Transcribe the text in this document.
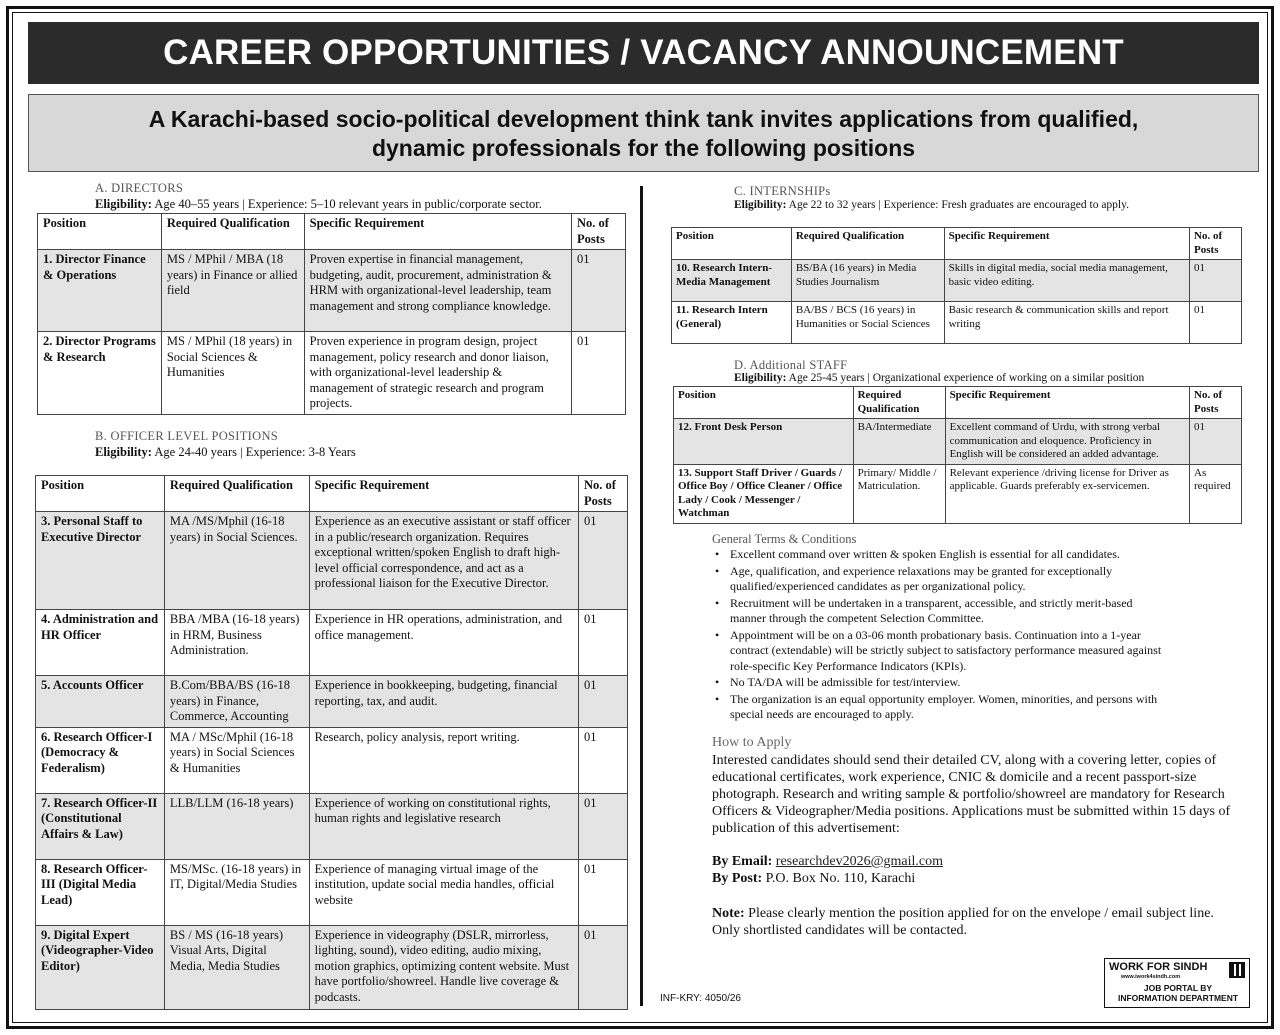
CAREER OPPORTUNITIES / VACANCY ANNOUNCEMENT
A Karachi-based socio-political development think tank invites applications from qualified,
dynamic professionals for the following positions
A. DIRECTORS
Eligibility: Age 40–55 years | Experience: 5–10 relevant years in public/corporate sector.
Position	Required Qualification	Specific Requirement	No. of
Posts
1. Director Finance & Operations	MS / MPhil / MBA (18 years) in Finance or allied field	Proven expertise in financial management, budgeting, audit, procurement, administration & HRM with organizational-level leadership, team management and strong compliance knowledge.	01
2. Director Programs & Research	MS / MPhil (18 years) in Social Sciences & Humanities	Proven experience in program design, project management, policy research and donor liaison, with organizational-level leadership & management of strategic research and program projects.	01
B. OFFICER LEVEL POSITIONS
Eligibility: Age 24-40 years | Experience: 3-8 Years
Position	Required Qualification	Specific Requirement	No. of
Posts
3. Personal Staff to Executive Director	MA /MS/Mphil (16-18 years) in Social Sciences.	Experience as an executive assistant or staff officer in a public/research organization. Requires exceptional written/spoken English to draft high-level official correspondence, and act as a professional liaison for the Executive Director.	01
4. Administration and HR Officer	BBA /MBA (16-18 years) in HRM, Business Administration.	Experience in HR operations, administration, and office management.	01
5. Accounts Officer	B.Com/BBA/BS (16-18 years) in Finance, Commerce, Accounting	Experience in bookkeeping, budgeting, financial reporting, tax, and audit.	01
6. Research Officer-I (Democracy & Federalism)	MA / MSc/Mphil (16-18 years) in Social Sciences & Humanities	Research, policy analysis, report writing.	01
7. Research Officer-II (Constitutional Affairs & Law)	LLB/LLM (16-18 years)	Experience of working on constitutional rights, human rights and legislative research	01
8. Research Officer-III (Digital Media Lead)	MS/MSc. (16-18 years) in IT, Digital/Media Studies	Experience of managing virtual image of the institution, update social media handles, official website	01
9. Digital Expert (Videographer-Video Editor)	BS / MS (16-18 years) Visual Arts, Digital Media, Media Studies	Experience in videography (DSLR, mirrorless, lighting, sound), video editing, audio mixing, motion graphics, optimizing content website. Must have portfolio/showreel. Handle live coverage & podcasts.	01
C. INTERNSHIPs
Eligibility: Age 22 to 32 years | Experience: Fresh graduates are encouraged to apply.
Position	Required Qualification	Specific Requirement	No. of
Posts
10. Research Intern- Media Management	BS/BA (16 years) in Media Studies Journalism	Skills in digital media, social media management, basic video editing.	01
11. Research Intern (General)	BA/BS / BCS (16 years) in Humanities or Social Sciences	Basic research & communication skills and report writing	01
D. Additional STAFF
Eligibility: Age 25-45 years | Organizational experience of working on a similar position
Position	Required
Qualification	Specific Requirement	No. of
Posts
12. Front Desk Person	BA/Intermediate	Excellent command of Urdu, with strong verbal communication and eloquence. Proficiency in English will be considered an added advantage.	01
13. Support Staff Driver / Guards / Office Boy / Office Cleaner / Office Lady / Cook / Messenger / Watchman	Primary/ Middle / Matriculation.	Relevant experience /driving license for Driver as applicable. Guards preferably ex-servicemen.	As required
General Terms & Conditions
• Excellent command over written & spoken English is essential for all candidates.
• Age, qualification, and experience relaxations may be granted for exceptionally qualified/experienced candidates as per organizational policy.
• Recruitment will be undertaken in a transparent, accessible, and strictly merit-based manner through the competent Selection Committee.
• Appointment will be on a 03-06 month probationary basis. Continuation into a 1-year contract (extendable) will be strictly subject to satisfactory performance measured against role-specific Key Performance Indicators (KPIs).
• No TA/DA will be admissible for test/interview.
• The organization is an equal opportunity employer. Women, minorities, and persons with special needs are encouraged to apply.
How to Apply
Interested candidates should send their detailed CV, along with a covering letter, copies of educational certificates, work experience, CNIC & domicile and a recent passport-size photograph. Research and writing sample & portfolio/showreel are mandatory for Research Officers & Videographer/Media positions. Applications must be submitted within 15 days of publication of this advertisement:
By Email: researchdev2026@gmail.com
By Post: P.O. Box No. 110, Karachi
Note: Please clearly mention the position applied for on the envelope / email subject line. Only shortlisted candidates will be contacted.
INF-KRY: 4050/26
WORK FOR SINDH
www.iwork4sindh.com
JOB PORTAL BY
INFORMATION DEPARTMENT
